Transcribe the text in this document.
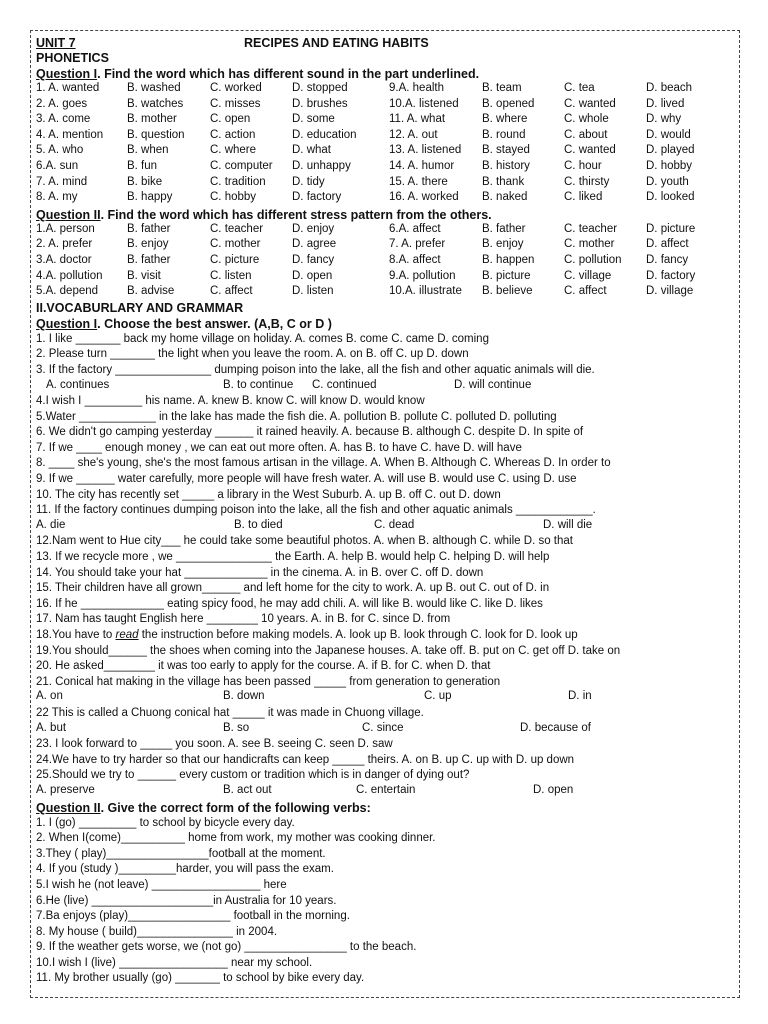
UNIT 7	RECIPES AND EATING HABITS
PHONETICS
Question I. Find the word which has different sound in the part underlined.
1. A. wanted B. washed	C. worked	D. stopped	9.A. health	B. team	C. tea	D. beach
2. A. goes	B. watches C. misses	D. brushes	10.A. listened B. opened	C. wanted	D. lived
3. A. come	B. mother	C. open	D. some	11. A. what	B. where	C. whole	D. why
4. A. mention B. question C. action	D. education	12. A. out	B. round	C. about	D. would
5. A. who	B. when	C. where	D. what	13. A. listened B. stayed	C. wanted	D. played
6.A. sun	B. fun	C. computer D. unhappy	14. A. humor B. history	C. hour	D. hobby
7. A. mind	B. bike	C. tradition D. tidy	15. A. there	B. thank	C. thirsty	D. youth
8. A. my	B. happy	C. hobby	D. factory	16. A. worked B. naked	C. liked	D. looked
Question II. Find the word which has different stress pattern from the others.
1.A. person	B. father	C. teacher	D. enjoy	6.A. affect	B. father	C. teacher	D. picture
2. A. prefer	B. enjoy	C. mother	D. agree	7. A. prefer	B. enjoy	C. mother	D. affect
3.A. doctor	B. father	C. picture	D. fancy	8.A. affect	B. happen	C. pollution D. fancy
4.A. pollution B. visit	C. listen	D. open	9.A. pollution B. picture	C. village	D. factory
5.A. depend	B. advise	C. affect	D. listen	10.A. illustrate B. believe	C. affect	D. village
II.VOCABURLARY AND GRAMMAR
Question I. Choose the best answer. (A,B, C or D )
1. I like _______ back my home village on holiday. A. comes B. come C. came D. coming
2. Please turn _______ the light when you leave the room. A. on B. off C. up D. down
3. If the factory _______________ dumping poison into the lake, all the fish and other aquatic animals will die.
A. continues	B. to continue C. continued	D. will continue
4.I wish I _________ his name. A. knew B. know C. will know D. would know
5.Water ____________ in the lake has made the fish die. A. pollution B. pollute C. polluted D. polluting
6. We didn't go camping yesterday ______ it rained heavily. A. because B. although C. despite D. In spite of
7. If we ____ enough money , we can eat out more often. A. has B. to have C. have D. will have
8. ____ she's young, she's the most famous artisan in the village. A. When B. Although C. Whereas D. In order to
9. If we ______ water carefully, more people will have fresh water. A. will use B. would use C. using D. use
10. The city has recently set _____ a library in the West Suburb. A. up B. off C. out D. down
11. If the factory continues dumping poison into the lake, all the fish and other aquatic animals ____________.
A. die	B. to died	C. dead	D. will die
12.Nam went to Hue city___ he could take some beautiful photos. A. when B. although C. while D. so that
13. If we recycle more , we _______________ the Earth. A. help B. would help C. helping D. will help
14. You should take your hat _____________ in the cinema. A. in B. over C. off D. down
15. Their children have all grown______ and left home for the city to work. A. up B. out C. out of D. in
16. If he _____________ eating spicy food, he may add chili. A. will like B. would like C. like D. likes
17. Nam has taught English here ________ 10 years. A. in B. for C. since D. from
18.You have to read the instruction before making models. A. look up B. look through C. look for D. look up
19.You should______ the shoes when coming into the Japanese houses. A. take off. B. put on C. get off D. take on
20. He asked________ it was too early to apply for the course. A. if B. for C. when D. that
21. Conical hat making in the village has been passed _____ from generation to generation
A. on	B. down	C. up	D. in
22 This is called a Chuong conical hat _____ it was made in Chuong village.
A. but	B. so	C. since	D. because of
23. I look forward to _____ you soon. A. see B. seeing C. seen D. saw
24.We have to try harder so that our handicrafts can keep _____ theirs. A. on B. up C. up with D. up down
25.Should we try to ______ every custom or tradition which is in danger of dying out?
A. preserve	B. act out	C. entertain	D. open
Question II. Give the correct form of the following verbs:
1. I (go) _________ to school by bicycle every day.
2. When I(come)__________ home from work, my mother was cooking dinner.
3.They ( play)________________football at the moment.
4. If you (study )_________harder, you will pass the exam.
5.I wish he (not leave) _________________ here
6.He (live) ___________________in Australia for 10 years.
7.Ba enjoys (play)________________ football in the morning.
8. My house ( build)_______________ in 2004.
9. If the weather gets worse, we (not go) ________________ to the beach.
10.I wish I (live) _________________ near my school.
11. My brother usually (go) _______ to school by bike every day.
